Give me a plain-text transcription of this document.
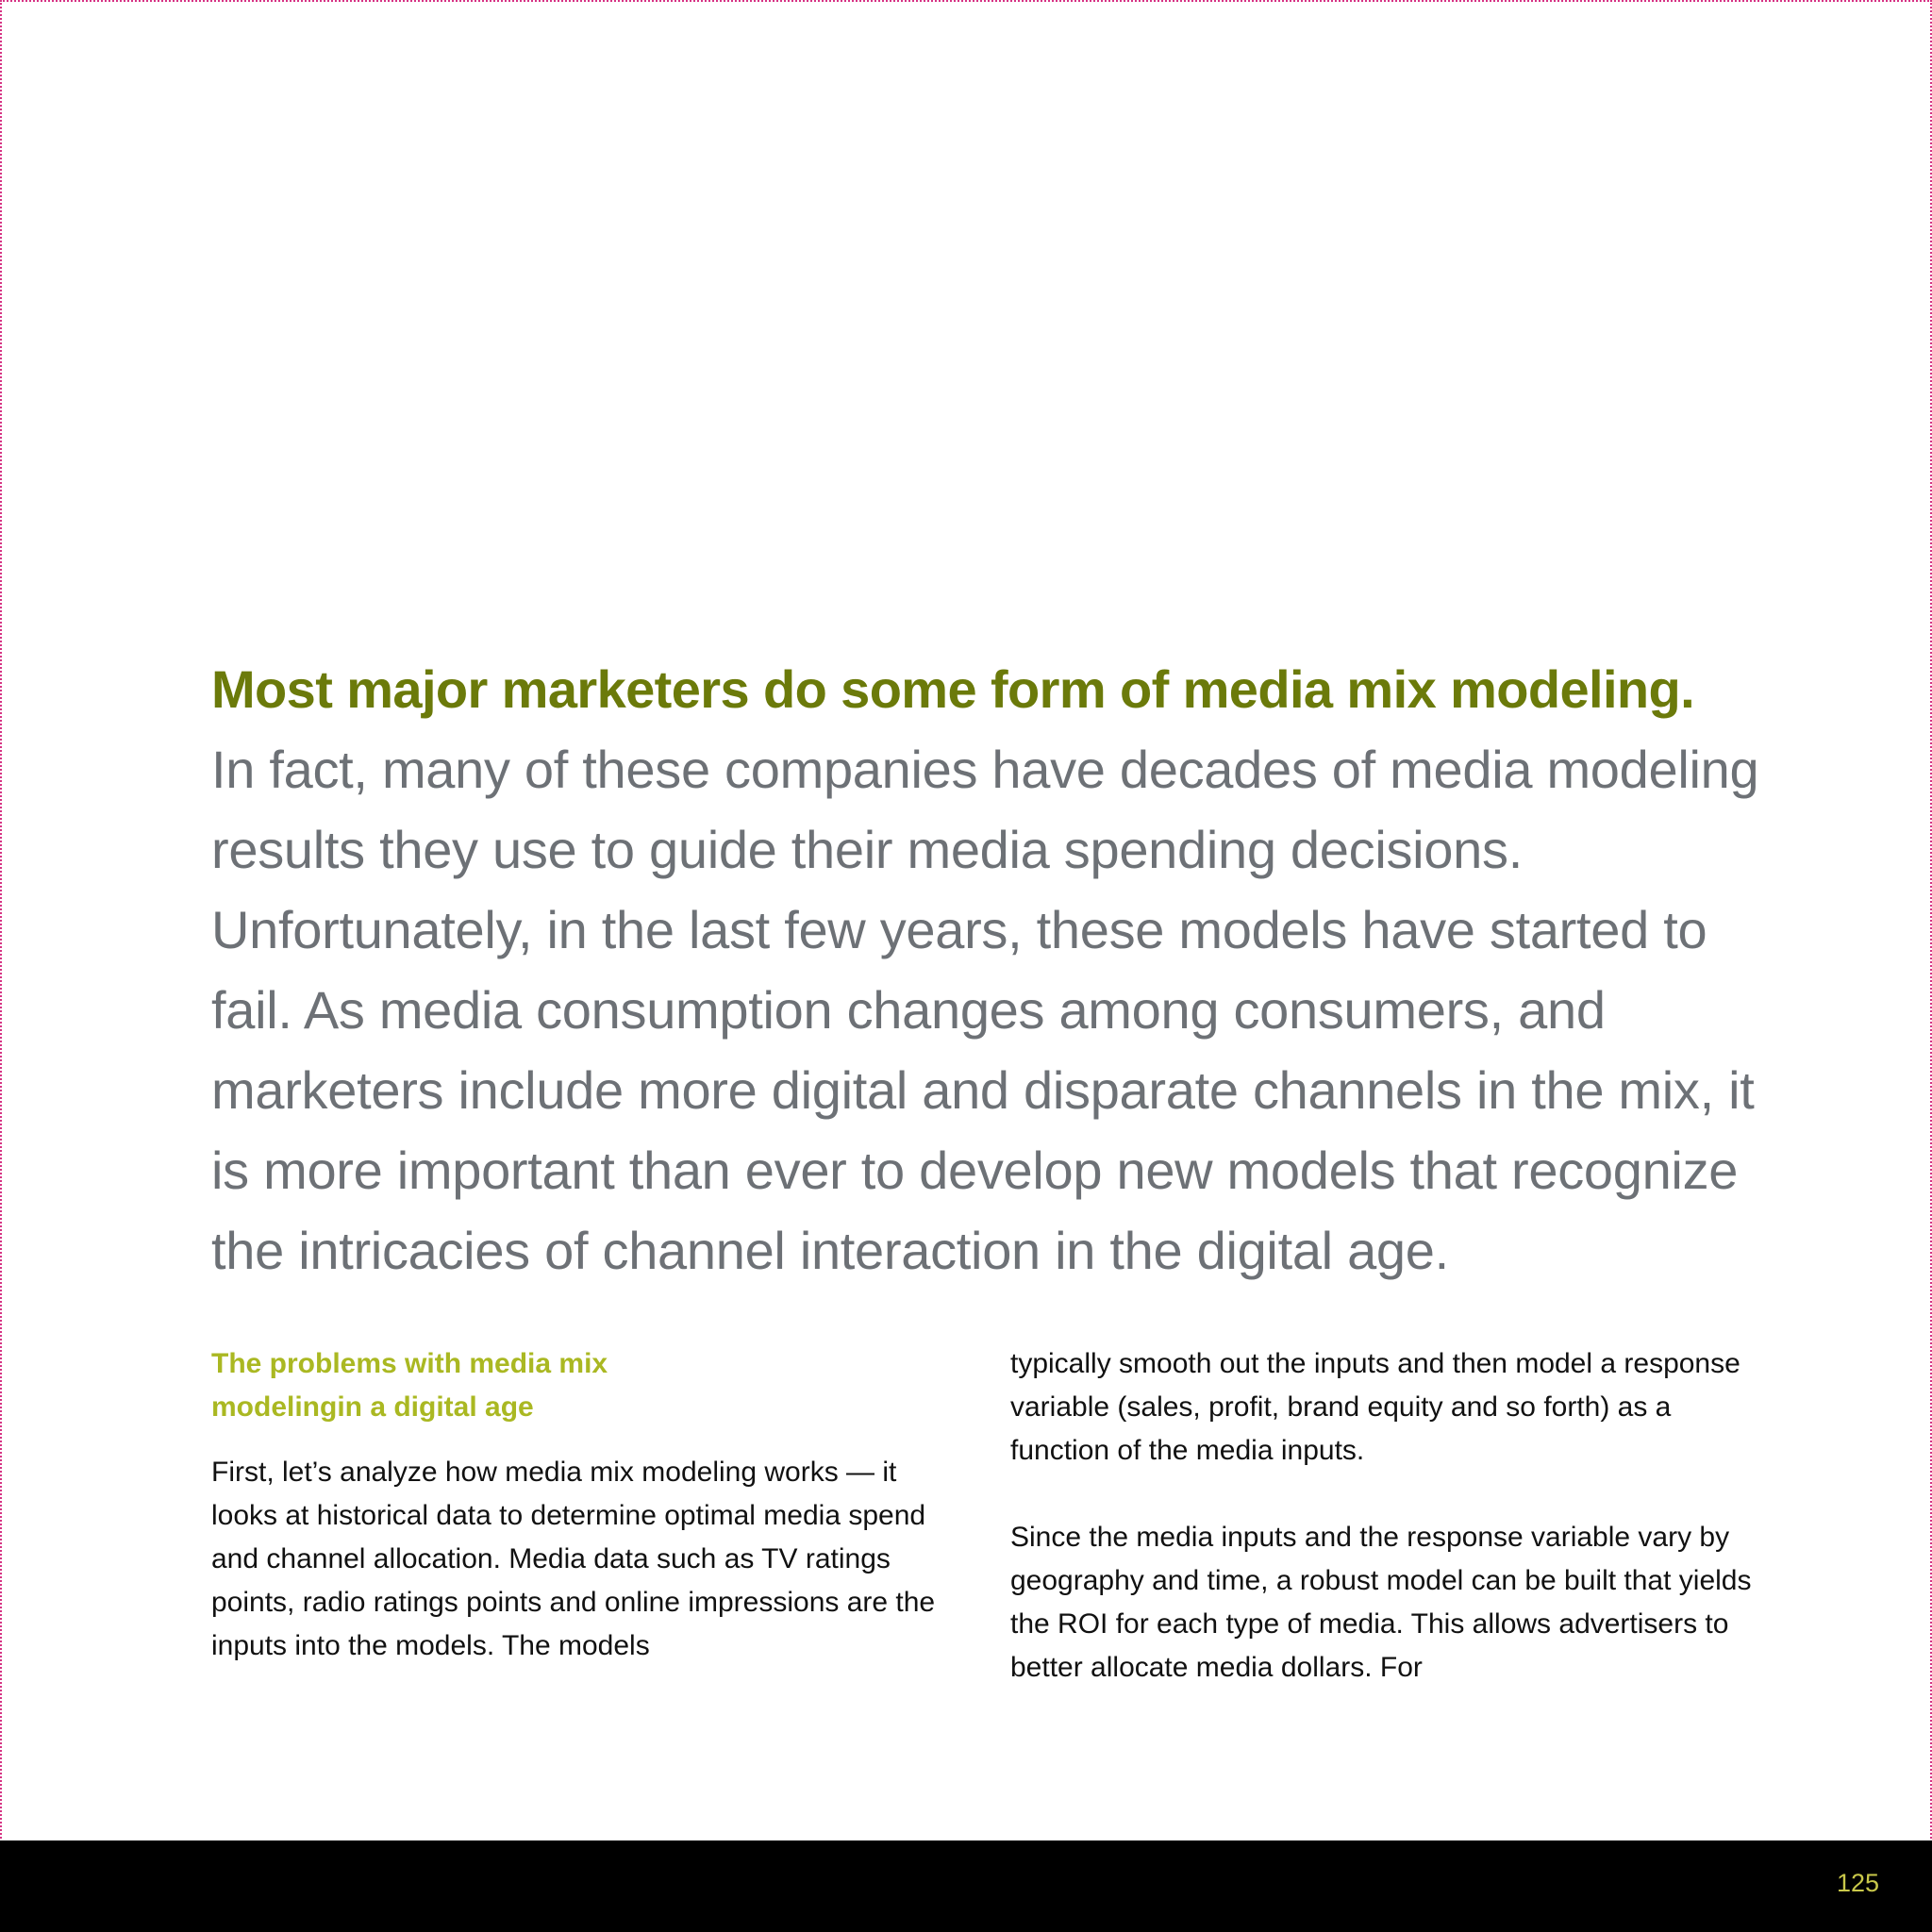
Most major marketers do some form of media mix modeling.
In fact, many of these companies have decades of media modeling results they use to guide their media spending decisions. Unfortunately, in the last few years, these models have started to fail. As media consumption changes among consumers, and marketers include more digital and disparate channels in the mix, it is more important than ever to develop new models that recognize the intricacies of channel interaction in the digital age.
The problems with media mix
modelingin a digital age

First, let’s analyze how media mix modeling works — it looks at historical data to determine optimal media spend and channel allocation. Media data such as TV ratings points, radio ratings points and online impressions are the inputs into the models. The models

typically smooth out the inputs and then model a response variable (sales, profit, brand equity and so forth) as a function of the media inputs.

Since the media inputs and the response variable vary by geography and time, a robust model can be built that yields the ROI for each type of media. This allows advertisers to better allocate media dollars. For

125
